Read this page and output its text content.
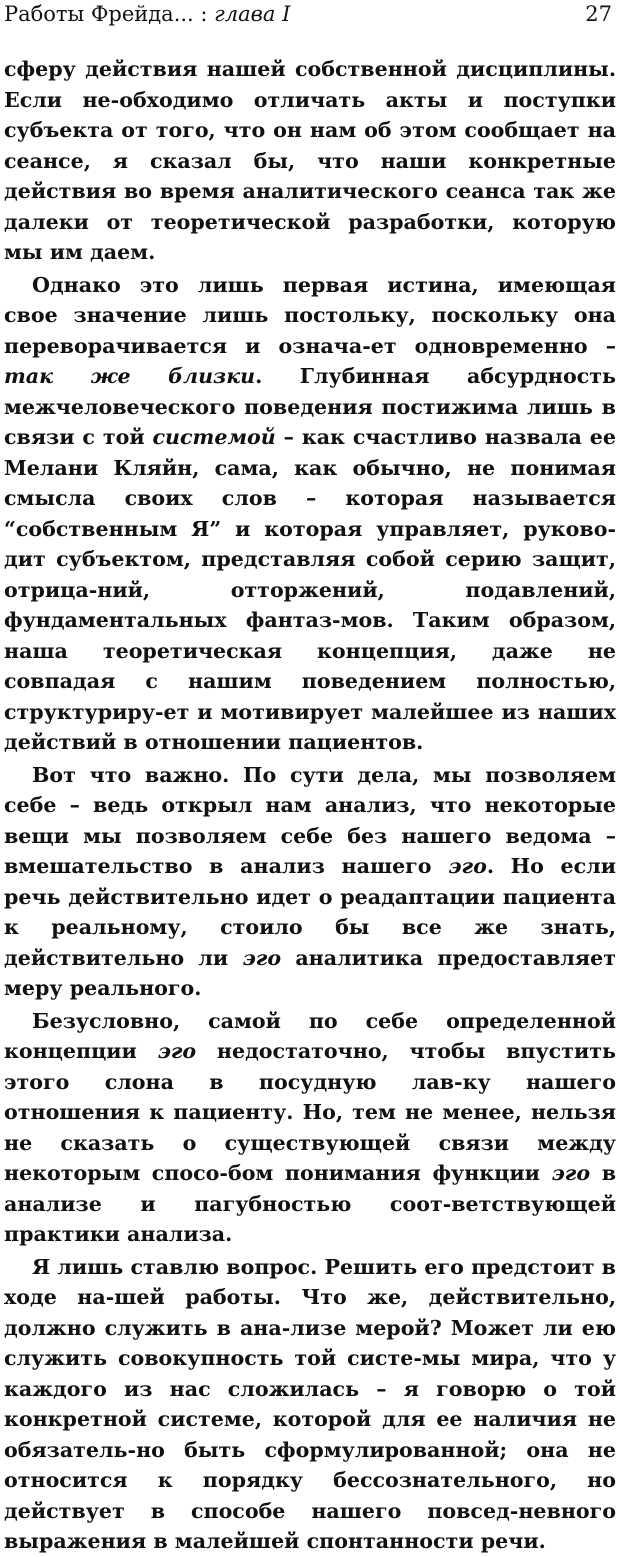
Работы Фрейда... : глава I	27

сферу действия нашей собственной дисциплины. Если не-обходимо отличать акты и поступки субъекта от того, что он нам об этом сообщает на сеансе, я сказал бы, что наши конкретные действия во время аналитического сеанса так же далеки от теоретической разработки, которую мы им даем.

Однако это лишь первая истина, имеющая свое значение лишь постольку, поскольку она переворачивается и означа-ет одновременно – так же близки. Глубинная абсурдность межчеловеческого поведения постижима лишь в связи с той системой – как счастливо назвала ее Мелани Кляйн, сама, как обычно, не понимая смысла своих слов – которая называется “собственным Я” и которая управляет, руково-дит субъектом, представляя собой серию защит, отрица-ний, отторжений, подавлений, фундаментальных фантаз-мов. Таким образом, наша теоретическая концепция, даже не совпадая с нашим поведением полностью, структуриру-ет и мотивирует малейшее из наших действий в отношении пациентов.

Вот что важно. По сути дела, мы позволяем себе – ведь открыл нам анализ, что некоторые вещи мы позволяем себе без нашего ведома – вмешательство в анализ нашего эго. Но если речь действительно идет о реадаптации пациента к реальному, стоило бы все же знать, действительно ли эго аналитика предоставляет меру реального.

Безусловно, самой по себе определенной концепции эго недостаточно, чтобы впустить этого слона в посудную лав-ку нашего отношения к пациенту. Но, тем не менее, нельзя не сказать о существующей связи между некоторым спосо-бом понимания функции эго в анализе и пагубностью соот-ветствующей практики анализа.

Я лишь ставлю вопрос. Решить его предстоит в ходе на-шей работы. Что же, действительно, должно служить в ана-лизе мерой? Может ли ею служить совокупность той систе-мы мира, что у каждого из нас сложилась – я говорю о той конкретной системе, которой для ее наличия не обязатель-но быть сформулированной; она не относится к порядку бессознательного, но действует в способе нашего повсед-невного выражения в малейшей спонтанности речи.
